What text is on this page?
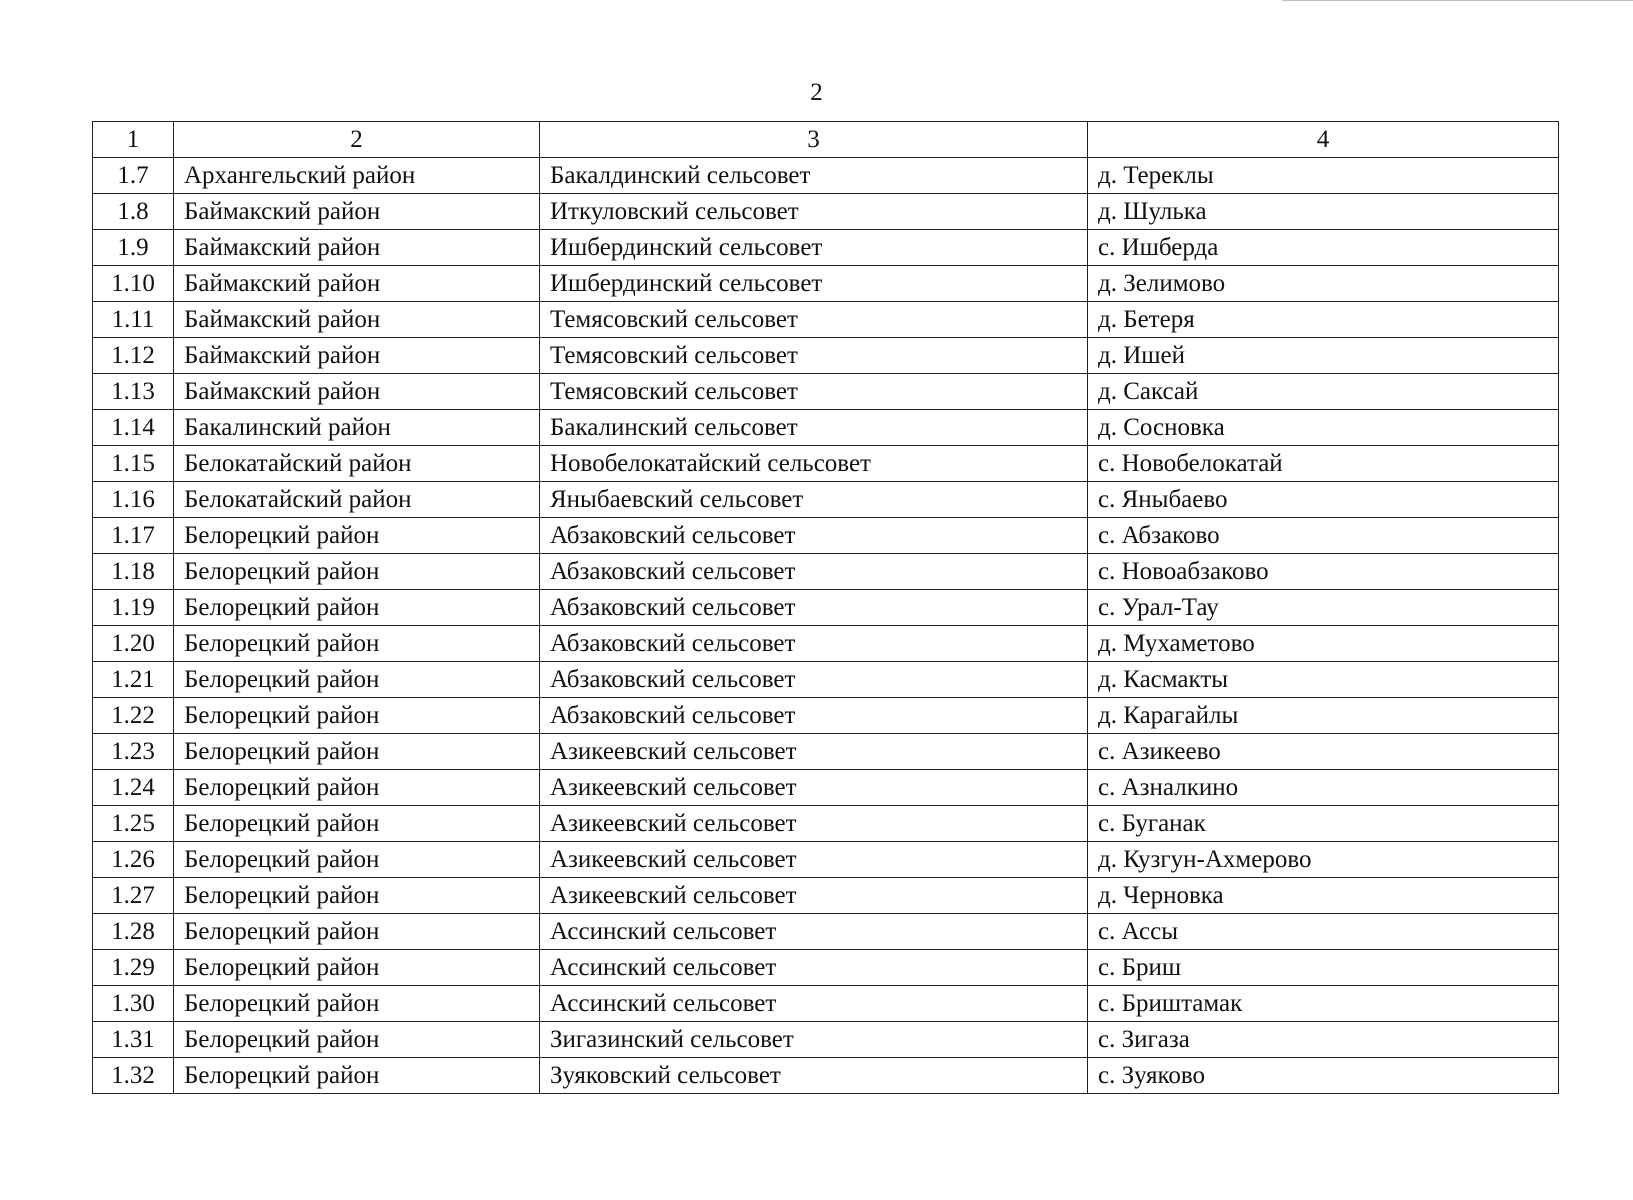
2
1	2	3	4
1.7	Архангельский район	Бакалдинский сельсовет	д. Тереклы
1.8	Баймакский район	Иткуловский сельсовет	д. Шулька
1.9	Баймакский район	Ишбердинский сельсовет	с. Ишберда
1.10	Баймакский район	Ишбердинский сельсовет	д. Зелимово
1.11	Баймакский район	Темясовский сельсовет	д. Бетеря
1.12	Баймакский район	Темясовский сельсовет	д. Ишей
1.13	Баймакский район	Темясовский сельсовет	д. Саксай
1.14	Бакалинский район	Бакалинский сельсовет	д. Сосновка
1.15	Белокатайский район	Новобелокатайский сельсовет	с. Новобелокатай
1.16	Белокатайский район	Яныбаевский сельсовет	с. Яныбаево
1.17	Белорецкий район	Абзаковский сельсовет	с. Абзаково
1.18	Белорецкий район	Абзаковский сельсовет	с. Новоабзаково
1.19	Белорецкий район	Абзаковский сельсовет	с. Урал-Тау
1.20	Белорецкий район	Абзаковский сельсовет	д. Мухаметово
1.21	Белорецкий район	Абзаковский сельсовет	д. Касмакты
1.22	Белорецкий район	Абзаковский сельсовет	д. Карагайлы
1.23	Белорецкий район	Азикеевский сельсовет	с. Азикеево
1.24	Белорецкий район	Азикеевский сельсовет	с. Азналкино
1.25	Белорецкий район	Азикеевский сельсовет	с. Буганак
1.26	Белорецкий район	Азикеевский сельсовет	д. Кузгун-Ахмерово
1.27	Белорецкий район	Азикеевский сельсовет	д. Черновка
1.28	Белорецкий район	Ассинский сельсовет	с. Ассы
1.29	Белорецкий район	Ассинский сельсовет	с. Бриш
1.30	Белорецкий район	Ассинский сельсовет	с. Бриштамак
1.31	Белорецкий район	Зигазинский сельсовет	с. Зигаза
1.32	Белорецкий район	Зуяковский сельсовет	с. Зуяково
